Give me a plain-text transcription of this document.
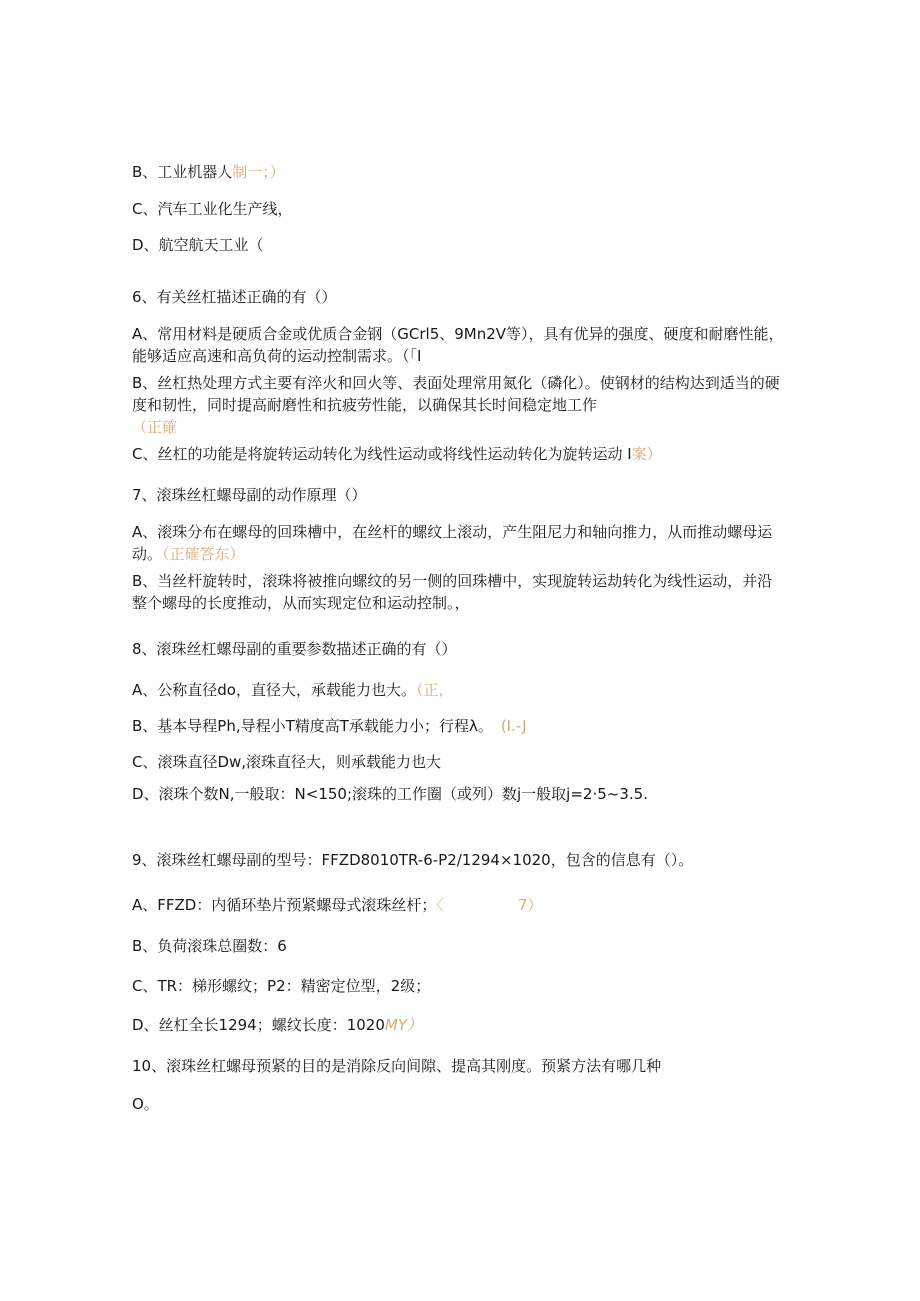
B、工业机器人制一；）
C、汽车工业化生产线，
D、航空航天工业（
6、有关丝杠描述正确的有（）
A、常用材料是硬质合金或优质合金钢（GCrl5、9Mn2V等），具有优异的强度、硬度和耐磨性能，能够适应高速和高负荷的运动控制需求。（「I
B、丝杠热处理方式主要有淬火和回火等、表面处理常用氮化（磷化）。使钢材的结构达到适当的硬度和韧性，同时提高耐磨性和抗疲劳性能，以确保其长时间稳定地工作
（正確
C、丝杠的功能是将旋转运动转化为线性运动或将线性运动转化为旋转运动 I案）
7、滚珠丝杠螺母副的动作原理（）
A、滚珠分布在螺母的回珠槽中，在丝杆的螺纹上滚动，产生阻尼力和轴向推力，从而推动螺母运动。（正確答东）
B、当丝杆旋转时，滚珠将被推向螺纹的另一侧的回珠槽中，实现旋转运劫转化为线性运动，并沿整个螺母的长度推动，从而实现定位和运动控制。，
8、滚珠丝杠螺母副的重要参数描述正确的有（）
A、公称直径do，直径大，承载能力也大。（正，
B、基本导程Ph,导程小T精度高T承载能力小；行程λ。 (I.-J
C、滚珠直径Dw,滚珠直径大，则承载能力也大
D、滚珠个数N,一般取：N<150;滚珠的工作圈（或列）数j一般取j=2·5~3.5.
9、滚珠丝杠螺母副的型号：FFZD8010TR-6-P2/1294×1020，包含的信息有（）。
A、FFZD：内循环垫片预紧螺母式滚珠丝杆；〈	7）
B、负荷滚珠总圈数：6
C、TR：梯形螺纹；P2：精密定位型，2级；
D、丝杠全长1294；螺纹长度：1020MY）
10、滚珠丝杠螺母预紧的目的是消除反向间隙、提高其刚度。预紧方法有哪几种
O。
